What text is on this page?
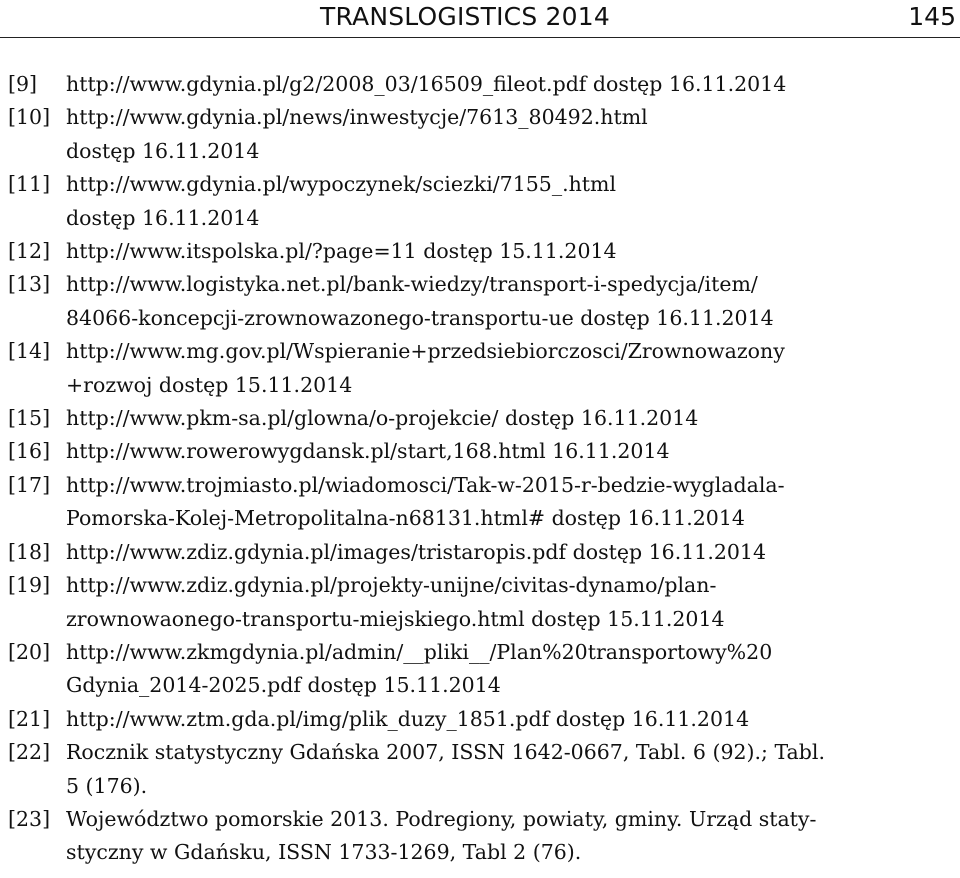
TRANSLOGISTICS 2014	145
[9]	http://www.gdynia.pl/g2/2008_03/16509_fileot.pdf dostęp 16.11.2014
[10] http://www.gdynia.pl/news/inwestycje/7613_80492.html
dostęp 16.11.2014
[11] http://www.gdynia.pl/wypoczynek/sciezki/7155_.html
dostęp 16.11.2014
[12] http://www.itspolska.pl/?page=11 dostęp 15.11.2014
[13] http://www.logistyka.net.pl/bank-wiedzy/transport-i-spedycja/item/
84066-koncepcji-zrownowazonego-transportu-ue dostęp 16.11.2014
[14] http://www.mg.gov.pl/Wspieranie+przedsiebiorczosci/Zrownowazony
+rozwoj dostęp 15.11.2014
[15] http://www.pkm-sa.pl/glowna/o-projekcie/ dostęp 16.11.2014
[16] http://www.rowerowygdansk.pl/start,168.html 16.11.2014
[17] http://www.trojmiasto.pl/wiadomosci/Tak-w-2015-r-bedzie-wygladala-
Pomorska-Kolej-Metropolitalna-n68131.html# dostęp 16.11.2014
[18] http://www.zdiz.gdynia.pl/images/tristaropis.pdf dostęp 16.11.2014
[19] http://www.zdiz.gdynia.pl/projekty-unijne/civitas-dynamo/plan-
zrownowaonego-transportu-miejskiego.html dostęp 15.11.2014
[20] http://www.zkmgdynia.pl/admin/__pliki__/Plan%20transportowy%20
Gdynia_2014-2025.pdf dostęp 15.11.2014
[21] http://www.ztm.gda.pl/img/plik_duzy_1851.pdf dostęp 16.11.2014
[22] Rocznik statystyczny Gdańska 2007, ISSN 1642-0667, Tabl. 6 (92).; Tabl.
5 (176).
[23] Województwo pomorskie 2013. Podregiony, powiaty, gminy. Urząd staty-
styczny w Gdańsku, ISSN 1733-1269, Tabl 2 (76).
